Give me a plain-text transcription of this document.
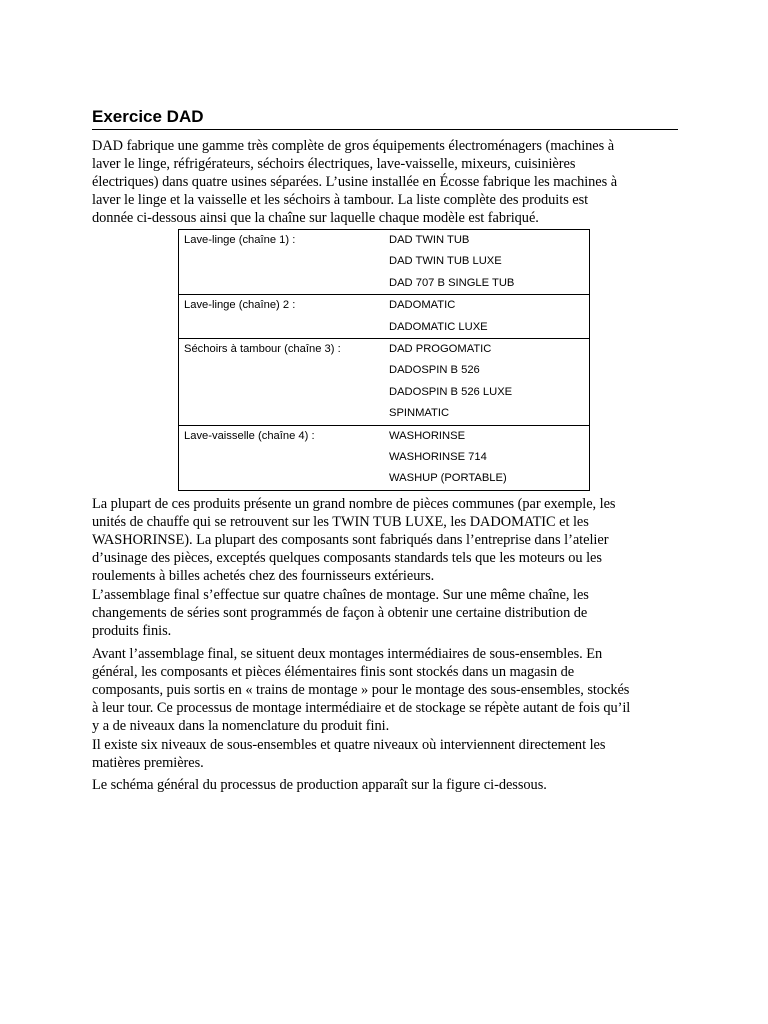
Exercice DAD

DAD fabrique une gamme très complète de gros équipements électroménagers (machines à
laver le linge, réfrigérateurs, séchoirs électriques, lave-vaisselle, mixeurs, cuisinières
électriques) dans quatre usines séparées. L’usine installée en Écosse fabrique les machines à
laver le linge et la vaisselle et les séchoirs à tambour. La liste complète des produits est
donnée ci-dessous ainsi que la chaîne sur laquelle chaque modèle est fabriqué.

Lave-linge (chaîne 1) :	DAD TWIN TUB
	DAD TWIN TUB LUXE
	DAD 707 B SINGLE TUB
Lave-linge (chaîne) 2 :	DADOMATIC
	DADOMATIC LUXE
Séchoirs à tambour (chaîne 3) :	DAD PROGOMATIC
	DADOSPIN B 526
	DADOSPIN B 526 LUXE
	SPINMATIC
Lave-vaisselle (chaîne 4) :	WASHORINSE
	WASHORINSE 714
	WASHUP (PORTABLE)

La plupart de ces produits présente un grand nombre de pièces communes (par exemple, les
unités de chauffe qui se retrouvent sur les TWIN TUB LUXE, les DADOMATIC et les
WASHORINSE). La plupart des composants sont fabriqués dans l’entreprise dans l’atelier
d’usinage des pièces, exceptés quelques composants standards tels que les moteurs ou les
roulements à billes achetés chez des fournisseurs extérieurs.

L’assemblage final s’effectue sur quatre chaînes de montage. Sur une même chaîne, les
changements de séries sont programmés de façon à obtenir une certaine distribution de
produits finis.

Avant l’assemblage final, se situent deux montages intermédiaires de sous-ensembles. En
général, les composants et pièces élémentaires finis sont stockés dans un magasin de
composants, puis sortis en « trains de montage » pour le montage des sous-ensembles, stockés
à leur tour. Ce processus de montage intermédiaire et de stockage se répète autant de fois qu’il
y a de niveaux dans la nomenclature du produit fini.

Il existe six niveaux de sous-ensembles et quatre niveaux où interviennent directement les
matières premières.

Le schéma général du processus de production apparaît sur la figure ci-dessous.
